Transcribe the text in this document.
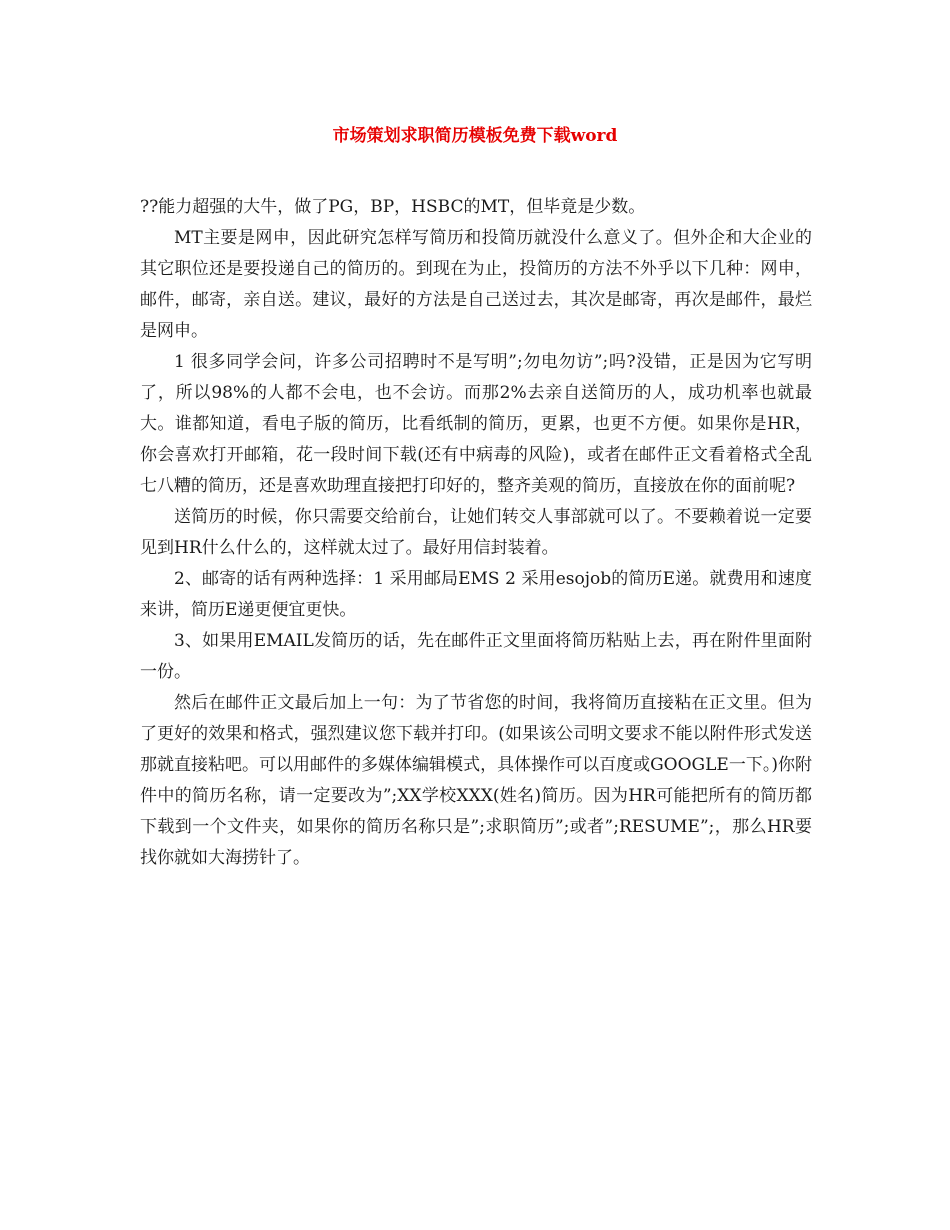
市场策划求职简历模板免费下载word

??能力超强的大牛，做了PG，BP，HSBC的MT，但毕竟是少数。

MT主要是网申，因此研究怎样写简历和投简历就没什么意义了。但外企和大企业的其它职位还是要投递自己的简历的。到现在为止，投简历的方法不外乎以下几种：网申，邮件，邮寄，亲自送。建议，最好的方法是自己送过去，其次是邮寄，再次是邮件，最烂是网申。

1 很多同学会问，许多公司招聘时不是写明”;勿电勿访”;吗?没错，正是因为它写明了，所以98%的人都不会电，也不会访。而那2%去亲自送简历的人，成功机率也就最大。谁都知道，看电子版的简历，比看纸制的简历，更累，也更不方便。如果你是HR，你会喜欢打开邮箱，花一段时间下载(还有中病毒的风险)，或者在邮件正文看着格式全乱七八糟的简历，还是喜欢助理直接把打印好的，整齐美观的简历，直接放在你的面前呢?

送简历的时候，你只需要交给前台，让她们转交人事部就可以了。不要赖着说一定要见到HR什么什么的，这样就太过了。最好用信封装着。

2、邮寄的话有两种选择：1 采用邮局EMS 2 采用esojob的简历E递。就费用和速度来讲，简历E递更便宜更快。

3、如果用EMAIL发简历的话，先在邮件正文里面将简历粘贴上去，再在附件里面附一份。

然后在邮件正文最后加上一句：为了节省您的时间，我将简历直接粘在正文里。但为了更好的效果和格式，强烈建议您下载并打印。(如果该公司明文要求不能以附件形式发送那就直接粘吧。可以用邮件的多媒体编辑模式，具体操作可以百度或GOOGLE一下。)你附件中的简历名称，请一定要改为”;XX学校XXX(姓名)简历。因为HR可能把所有的简历都下载到一个文件夹，如果你的简历名称只是”;求职简历”;或者”;RESUME”;，那么HR要找你就如大海捞针了。
